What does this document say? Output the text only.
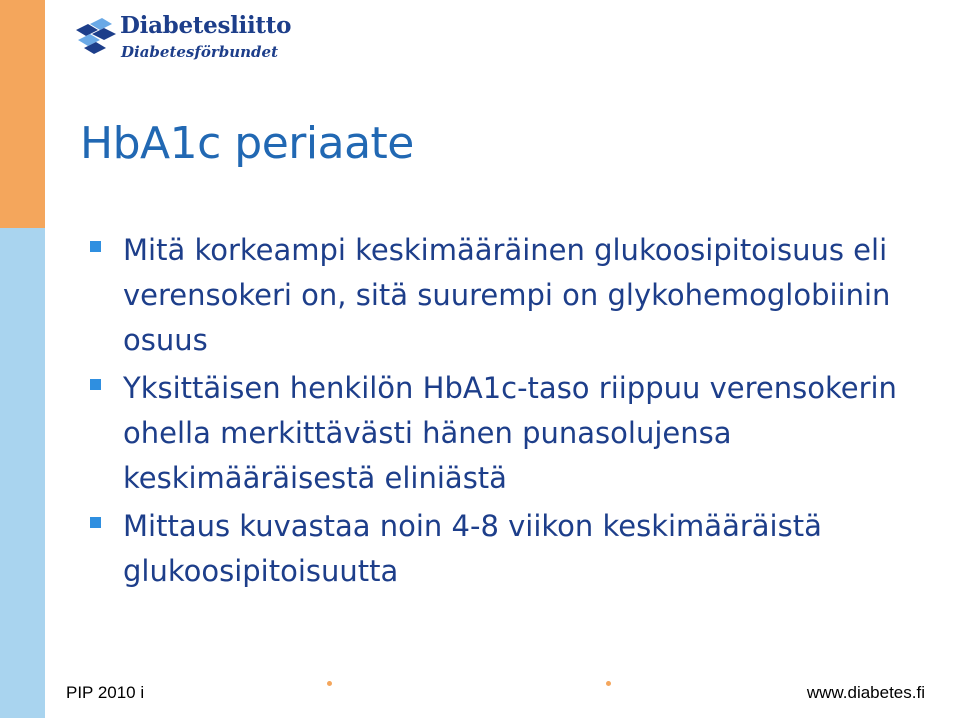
Diabetesliitto
Diabetesförbundet
HbA1c periaate
Mitä korkeampi keskimääräinen glukoosipitoisuus eli verensokeri on, sitä suurempi on glykohemoglobiinin osuus
Yksittäisen henkilön HbA1c-taso riippuu verensokerin ohella merkittävästi hänen punasolujensa keskimääräisestä eliniästä
Mittaus kuvastaa noin 4-8 viikon keskimääräistä glukoosipitoisuutta
PIP 2010 i	www.diabetes.fi
